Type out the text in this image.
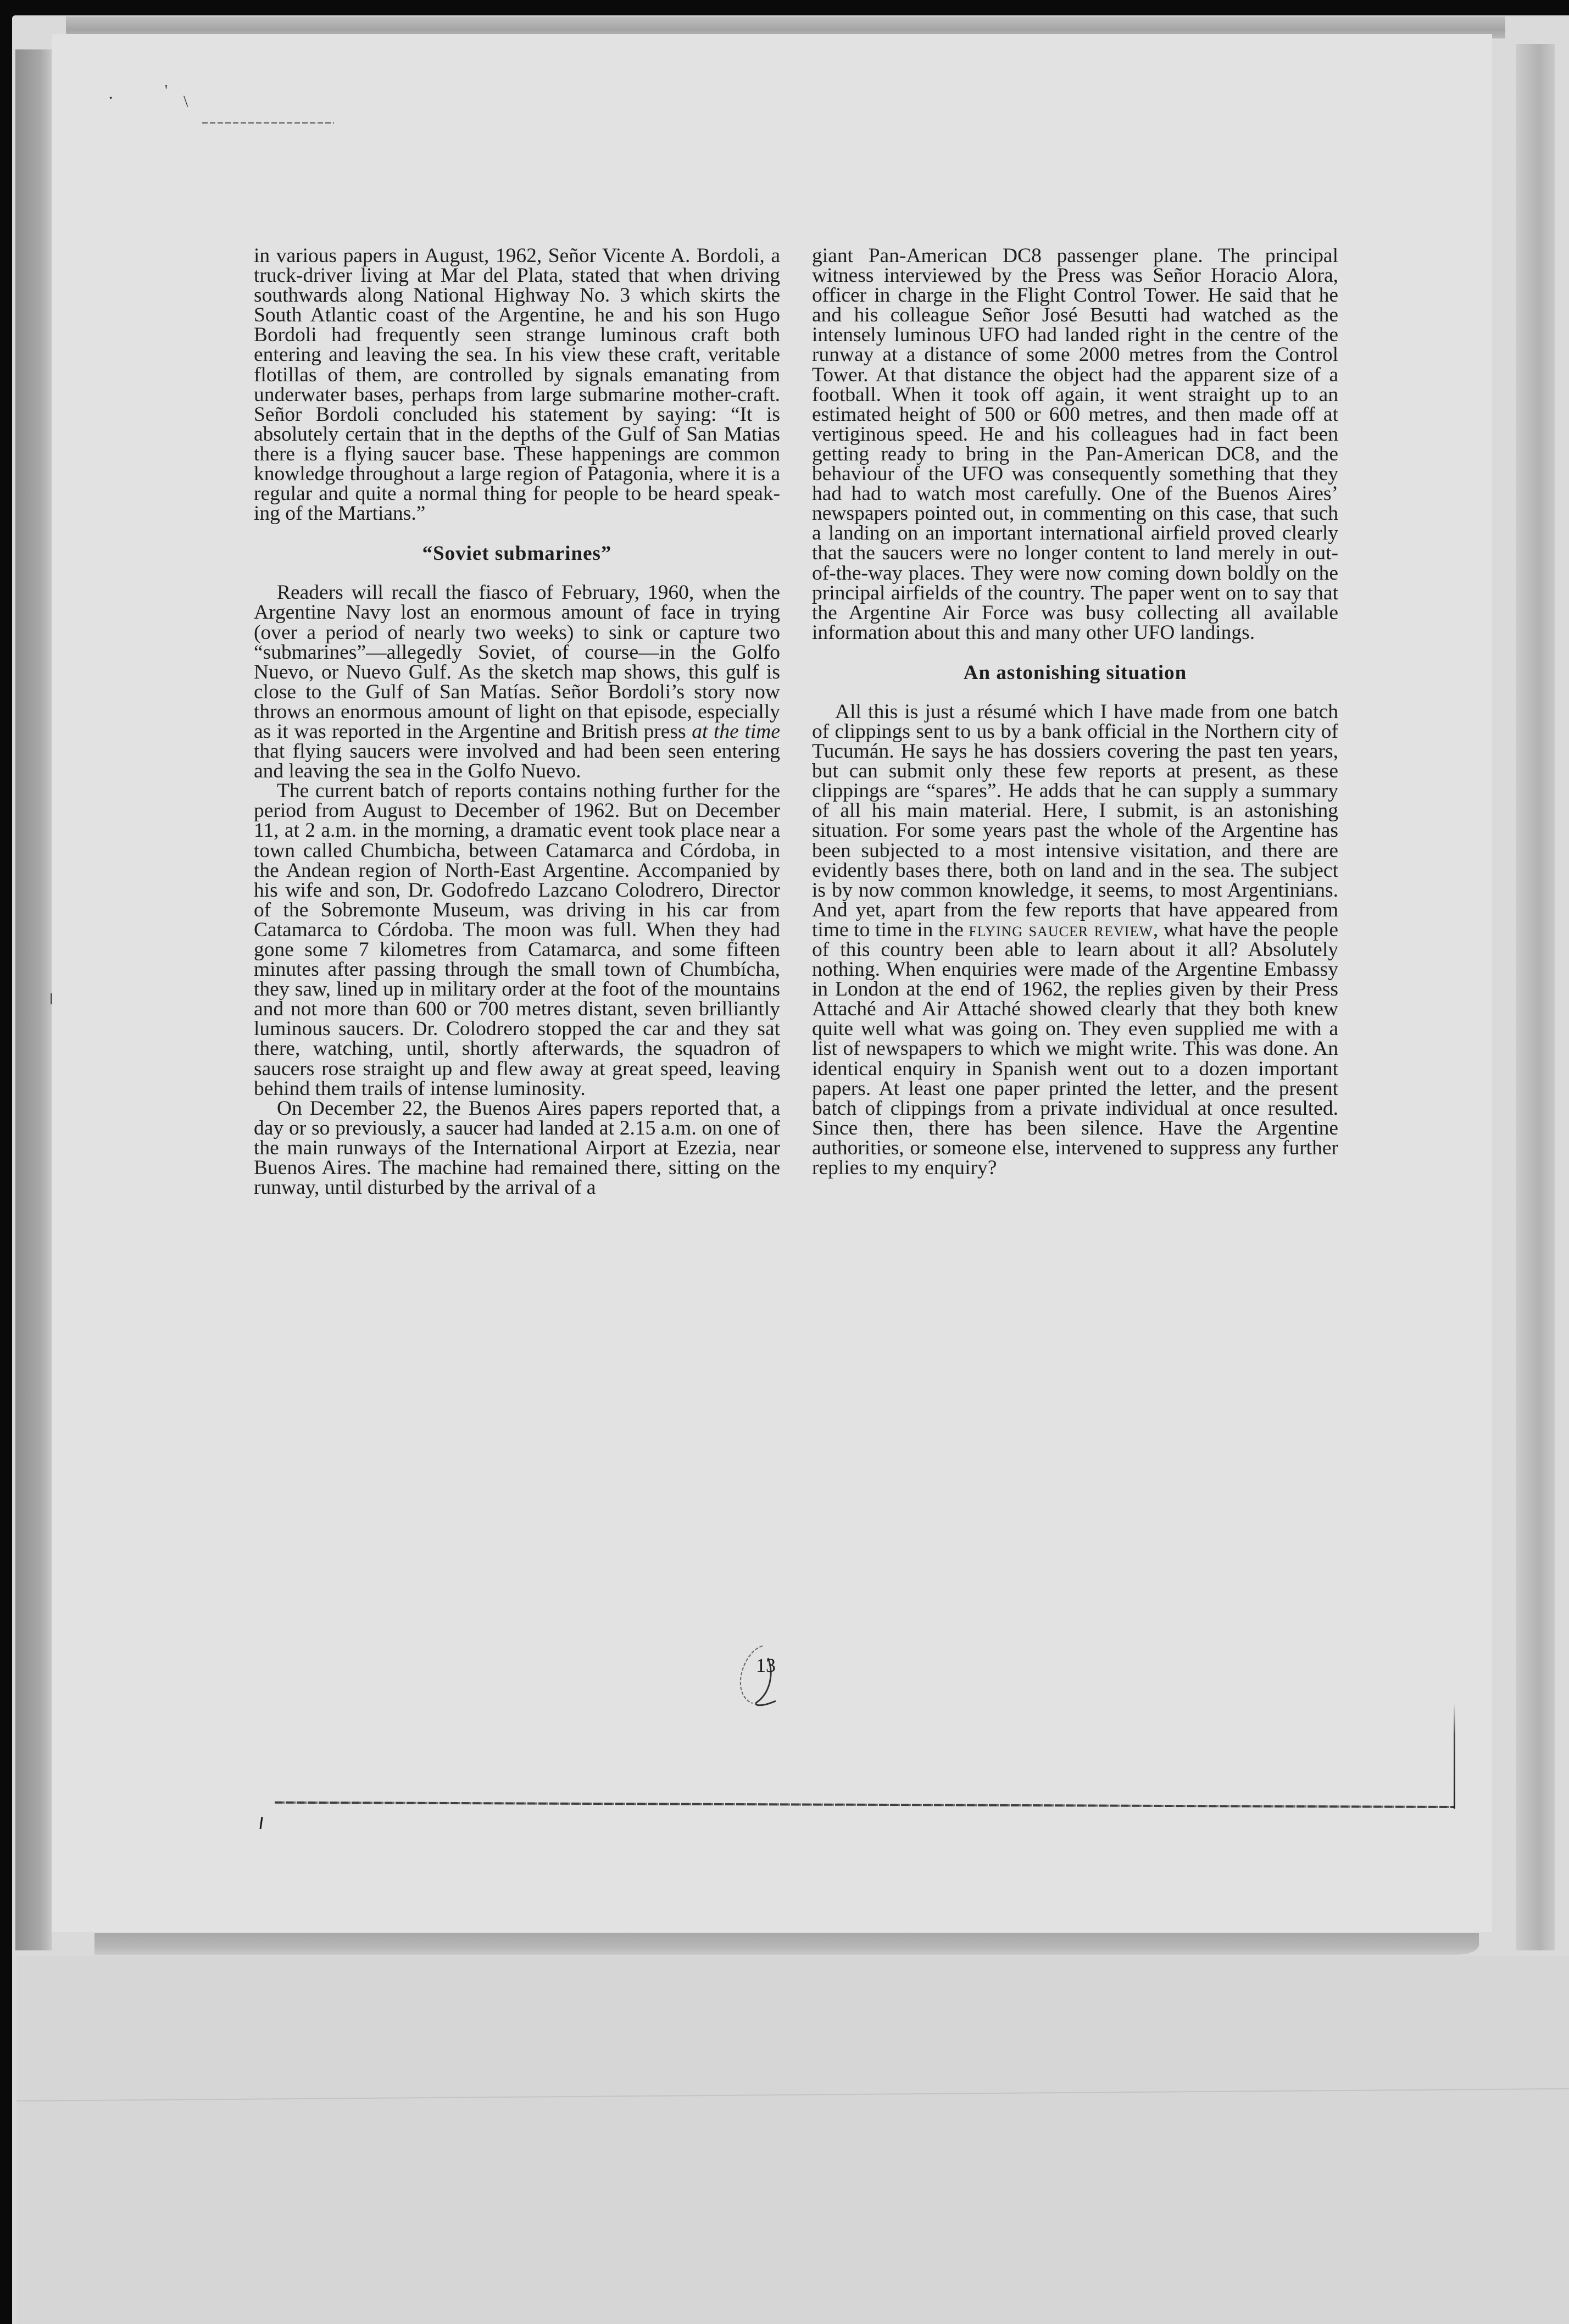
·	'
\

in various papers in August, 1962, Señor Vicente A. Bordoli, a truck-driver living at Mar del Plata, stated that when driving southwards along National Highway No. 3 which skirts the South Atlantic coast of the Argentine, he and his son Hugo Bordoli had frequently seen strange luminous craft both entering and leaving the sea. In his view these craft, veritable flotillas of them, are controlled by signals emanating from underwater bases, perhaps from large submarine mother-craft. Señor Bordoli concluded his statement by saying: “It is absolutely certain that in the depths of the Gulf of San Matias there is a flying saucer base. These happenings are common knowledge throughout a large region of Patagonia, where it is a regular and quite a normal thing for people to be heard speaking of the Martians.”

“Soviet submarines”

Readers will recall the fiasco of February, 1960, when the Argentine Navy lost an enormous amount of face in trying (over a period of nearly two weeks) to sink or capture two “submarines”—allegedly Soviet, of course—in the Golfo Nuevo, or Nuevo Gulf. As the sketch map shows, this gulf is close to the Gulf of San Matías. Señor Bordoli’s story now throws an enormous amount of light on that episode, especially as it was reported in the Argentine and British press at the time that flying saucers were involved and had been seen entering and leaving the sea in the Golfo Nuevo.

The current batch of reports contains nothing further for the period from August to December of 1962. But on December 11, at 2 a.m. in the morning, a dramatic event took place near a town called Chumbicha, between Catamarca and Córdoba, in the Andean region of North-East Argentine. Accompanied by his wife and son, Dr. Godofredo Lazcano Colodrero, Director of the Sobremonte Museum, was driving in his car from Catamarca to Córdoba. The moon was full. When they had gone some 7 kilometres from Catamarca, and some fifteen minutes after passing through the small town of Chumbícha, they saw, lined up in military order at the foot of the mountains and not more than 600 or 700 metres distant, seven brilliantly luminous saucers. Dr. Colodrero stopped the car and they sat there, watching, until, shortly afterwards, the squadron of saucers rose straight up and flew away at great speed, leaving behind them trails of intense luminosity.

On December 22, the Buenos Aires papers reported that, a day or so previously, a saucer had landed at 2.15 a.m. on one of the main runways of the International Airport at Ezezia, near Buenos Aires. The machine had remained there, sitting on the runway, until disturbed by the arrival of a

giant Pan-American DC8 passenger plane. The principal witness interviewed by the Press was Señor Horacio Alora, officer in charge in the Flight Control Tower. He said that he and his colleague Señor José Besutti had watched as the intensely luminous UFO had landed right in the centre of the runway at a distance of some 2000 metres from the Control Tower. At that distance the object had the apparent size of a football. When it took off again, it went straight up to an estimated height of 500 or 600 metres, and then made off at vertiginous speed. He and his colleagues had in fact been getting ready to bring in the Pan-American DC8, and the behaviour of the UFO was consequently something that they had had to watch most carefully. One of the Buenos Aires’ newspapers pointed out, in commenting on this case, that such a landing on an important international airfield proved clearly that the saucers were no longer content to land merely in out-of-the-way places. They were now coming down boldly on the principal airfields of the country. The paper went on to say that the Argentine Air Force was busy collecting all available information about this and many other UFO landings.

An astonishing situation

All this is just a résumé which I have made from one batch of clippings sent to us by a bank official in the Northern city of Tucumán. He says he has dossiers covering the past ten years, but can submit only these few reports at present, as these clippings are “spares”. He adds that he can supply a summary of all his main material. Here, I submit, is an astonishing situation. For some years past the whole of the Argentine has been subjected to a most intensive visitation, and there are evidently bases there, both on land and in the sea. The subject is by now common knowledge, it seems, to most Argentinians. And yet, apart from the few reports that have appeared from time to time in the flying saucer review, what have the people of this country been able to learn about it all? Absolutely nothing. When enquiries were made of the Argentine Embassy in London at the end of 1962, the replies given by their Press Attaché and Air Attaché showed clearly that they both knew quite well what was going on. They even supplied me with a list of newspapers to which we might write. This was done. An identical enquiry in Spanish went out to a dozen important papers. At least one paper printed the letter, and the present batch of clippings from a private individual at once resulted. Since then, there has been silence. Have the Argentine authorities, or someone else, intervened to suppress any further replies to my enquiry?

13
